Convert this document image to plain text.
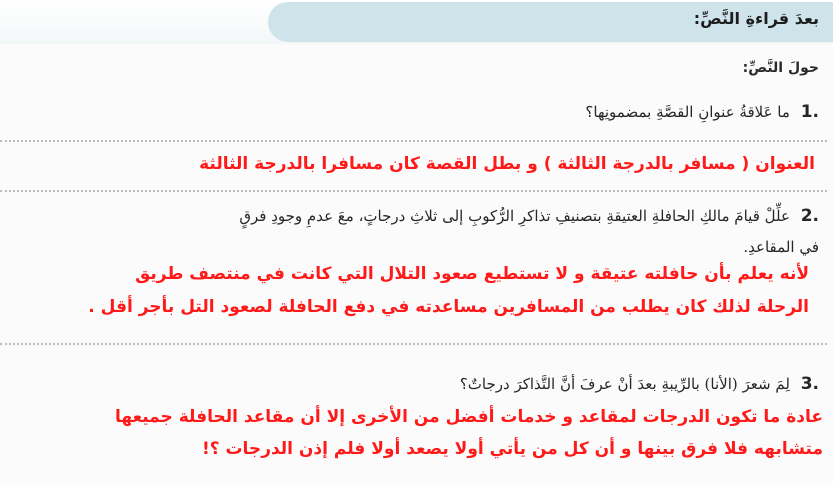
بعدَ قراءةِ النَّصِّ:
حولَ النَّصِّ:
.1 ما عَلاقةُ عنوانِ القصَّةِ بمضمونِها؟
العنوان ( مسافر بالدرجة الثالثة ) و بطل القصة كان مسافرا بالدرجة الثالثة
.2 علِّلْ قيامَ مالكِ الحافلةِ العتيقةِ بتصنيفِ تذاكرِ الرُّكوبِ إلى ثلاثِ درجاتٍ، معَ عدمِ وجودِ فرقٍ
في المقاعدِ.
لأنه يعلم بأن حافلته عتيقة و لا تستطيع صعود التلال التي كانت في منتصف طريق
الرحلة لذلك كان يطلب من المسافرين مساعدته في دفع الحافلة لصعود التل بأجر أقل .
.3 لِمَ شعرَ (الأنا) بالرِّيبةِ بعدَ أنْ عرفَ أنَّ التَّذاكرَ درجاتٌ؟
عادة ما تكون الدرجات لمقاعد و خدمات أفضل من الأخرى إلا أن مقاعد الحافلة جميعها
متشابهه فلا فرق بينها و أن كل من يأتي أولا يصعد أولا فلم إذن الدرجات ؟!
